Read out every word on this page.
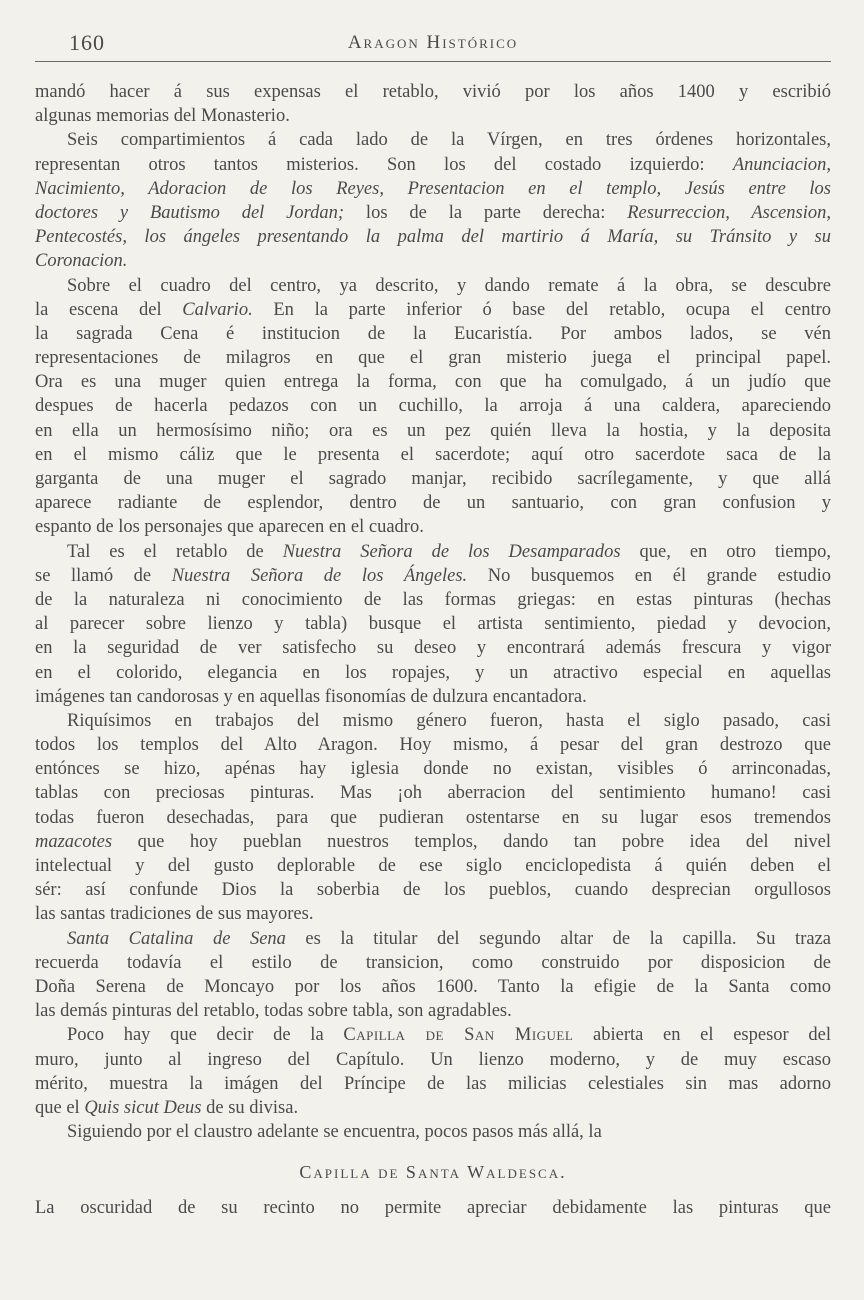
160	Aragon Histórico
mandó hacer á sus expensas el retablo, vivió por los años 1400 y escribió
algunas memorias del Monasterio.
Seis compartimientos á cada lado de la Vírgen, en tres órdenes horizontales,
representan otros tantos misterios. Son los del costado izquierdo: Anunciacion,
Nacimiento, Adoracion de los Reyes, Presentacion en el templo, Jesús entre los
doctores y Bautismo del Jordan; los de la parte derecha: Resurreccion, Ascension,
Pentecostés, los ángeles presentando la palma del martirio á María, su Tránsito y su
Coronacion.
Sobre el cuadro del centro, ya descrito, y dando remate á la obra, se descubre
la escena del Calvario. En la parte inferior ó base del retablo, ocupa el centro
la sagrada Cena é institucion de la Eucaristía. Por ambos lados, se vén
representaciones de milagros en que el gran misterio juega el principal papel.
Ora es una muger quien entrega la forma, con que ha comulgado, á un judío que
despues de hacerla pedazos con un cuchillo, la arroja á una caldera, apareciendo
en ella un hermosísimo niño; ora es un pez quién lleva la hostia, y la deposita
en el mismo cáliz que le presenta el sacerdote; aquí otro sacerdote saca de la
garganta de una muger el sagrado manjar, recibido sacrílegamente, y que allá
aparece radiante de esplendor, dentro de un santuario, con gran confusion y
espanto de los personajes que aparecen en el cuadro.
Tal es el retablo de Nuestra Señora de los Desamparados que, en otro tiempo,
se llamó de Nuestra Señora de los Ángeles. No busquemos en él grande estudio
de la naturaleza ni conocimiento de las formas griegas: en estas pinturas (hechas
al parecer sobre lienzo y tabla) busque el artista sentimiento, piedad y devocion,
en la seguridad de ver satisfecho su deseo y encontrará además frescura y vigor
en el colorido, elegancia en los ropajes, y un atractivo especial en aquellas
imágenes tan candorosas y en aquellas fisonomías de dulzura encantadora.
Riquísimos en trabajos del mismo género fueron, hasta el siglo pasado, casi
todos los templos del Alto Aragon. Hoy mismo, á pesar del gran destrozo que
entónces se hizo, apénas hay iglesia donde no existan, visibles ó arrinconadas,
tablas con preciosas pinturas. Mas ¡oh aberracion del sentimiento humano! casi
todas fueron desechadas, para que pudieran ostentarse en su lugar esos tremendos
mazacotes que hoy pueblan nuestros templos, dando tan pobre idea del nivel
intelectual y del gusto deplorable de ese siglo enciclopedista á quién deben el
sér: así confunde Dios la soberbia de los pueblos, cuando desprecian orgullosos
las santas tradiciones de sus mayores.
Santa Catalina de Sena es la titular del segundo altar de la capilla. Su traza
recuerda todavía el estilo de transicion, como construido por disposicion de
Doña Serena de Moncayo por los años 1600. Tanto la efigie de la Santa como
las demás pinturas del retablo, todas sobre tabla, son agradables.
Poco hay que decir de la Capilla de San Miguel abierta en el espesor del
muro, junto al ingreso del Capítulo. Un lienzo moderno, y de muy escaso
mérito, muestra la imágen del Príncipe de las milicias celestiales sin mas adorno
que el Quis sicut Deus de su divisa.
Siguiendo por el claustro adelante se encuentra, pocos pasos más allá, la
Capilla de Santa Waldesca.
La oscuridad de su recinto no permite apreciar debidamente las pinturas que
